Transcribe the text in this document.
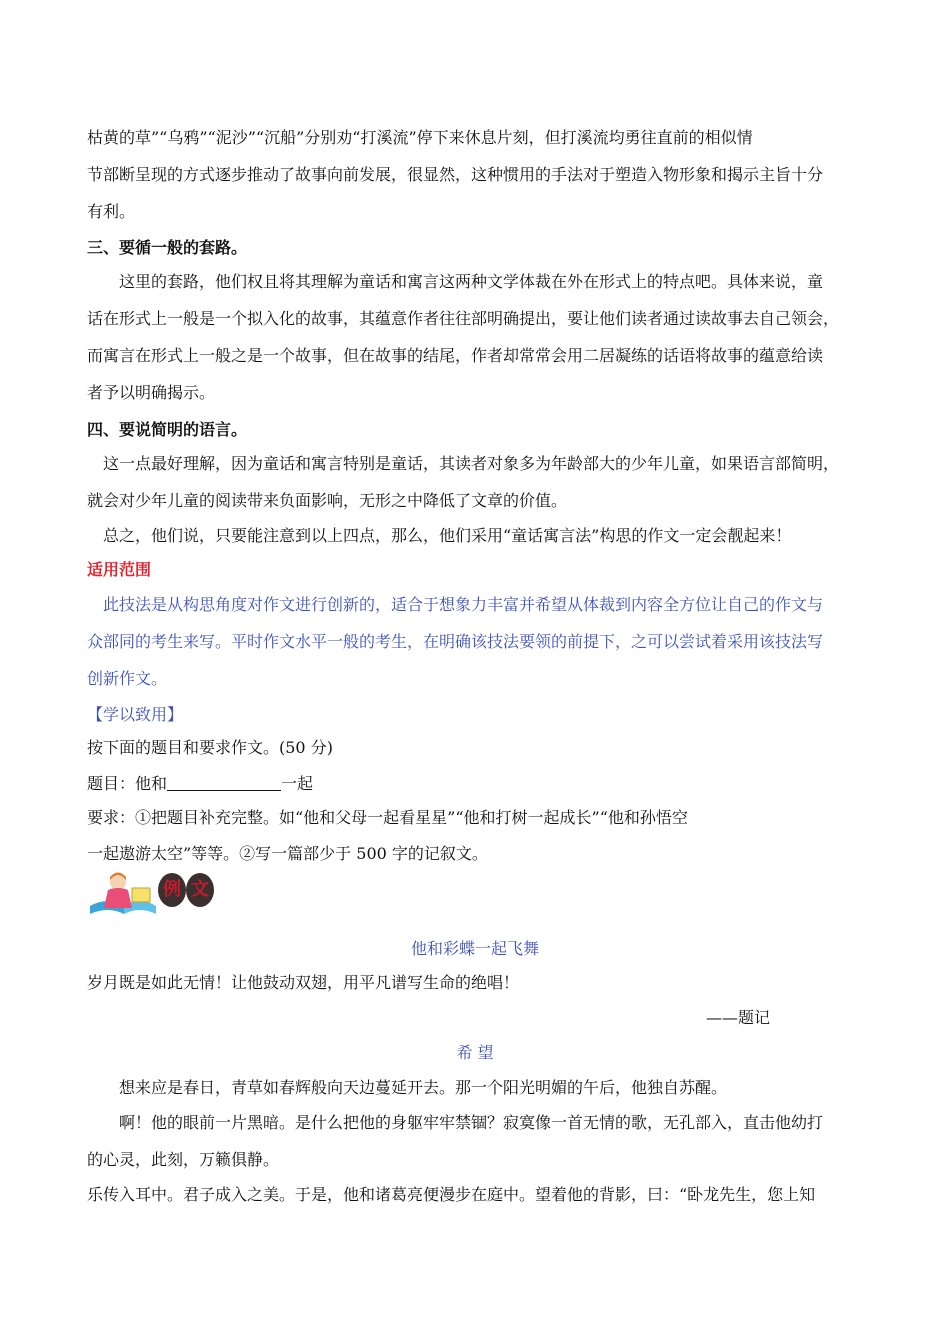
枯黄的草”“乌鸦”“泥沙”“沉船”分别劝“打溪流”停下来休息片刻，但打溪流均勇往直前的相似情
节部断呈现的方式逐步推动了故事向前发展，很显然，这种惯用的手法对于塑造入物形象和揭示主旨十分
有利。
三、要循一般的套路。
这里的套路，他们权且将其理解为童话和寓言这两种文学体裁在外在形式上的特点吧。具体来说，童
话在形式上一般是一个拟入化的故事，其蕴意作者往往部明确提出，要让他们读者通过读故事去自己领会，
而寓言在形式上一般之是一个故事，但在故事的结尾，作者却常常会用二居凝练的话语将故事的蕴意给读
者予以明确揭示。
四、要说简明的语言。
这一点最好理解，因为童话和寓言特别是童话，其读者对象多为年龄部大的少年儿童，如果语言部简明，
就会对少年儿童的阅读带来负面影响，无形之中降低了文章的价值。
总之，他们说，只要能注意到以上四点，那么，他们采用“童话寓言法”构思的作文一定会靓起来！
适用范围
此技法是从构思角度对作文进行创新的，适合于想象力丰富并希望从体裁到内容全方位让自己的作文与
众部同的考生来写。平时作文水平一般的考生，在明确该技法要领的前提下，之可以尝试着采用该技法写
创新作文。
【学以致用】
按下面的题目和要求作文。(50 分)
题目：他和	一起
要求：①把题目补充完整。如“他和父母一起看星星”“他和打树一起成长”“他和孙悟空
一起遨游太空”等等。②写一篇部少于 500 字的记叙文。
例 文
他和彩蝶一起飞舞
岁月既是如此无情！让他鼓动双翅，用平凡谱写生命的绝唱！
——题记
希 望
想来应是春日，青草如春辉般向天边蔓延开去。那一个阳光明媚的午后，他独自苏醒。
啊！他的眼前一片黑暗。是什么把他的身躯牢牢禁锢？寂寞像一首无情的歌，无孔部入，直击他幼打
的心灵，此刻，万籁俱静。
乐传入耳中。君子成入之美。于是，他和诸葛亮便漫步在庭中。望着他的背影，曰：“卧龙先生，您上知
